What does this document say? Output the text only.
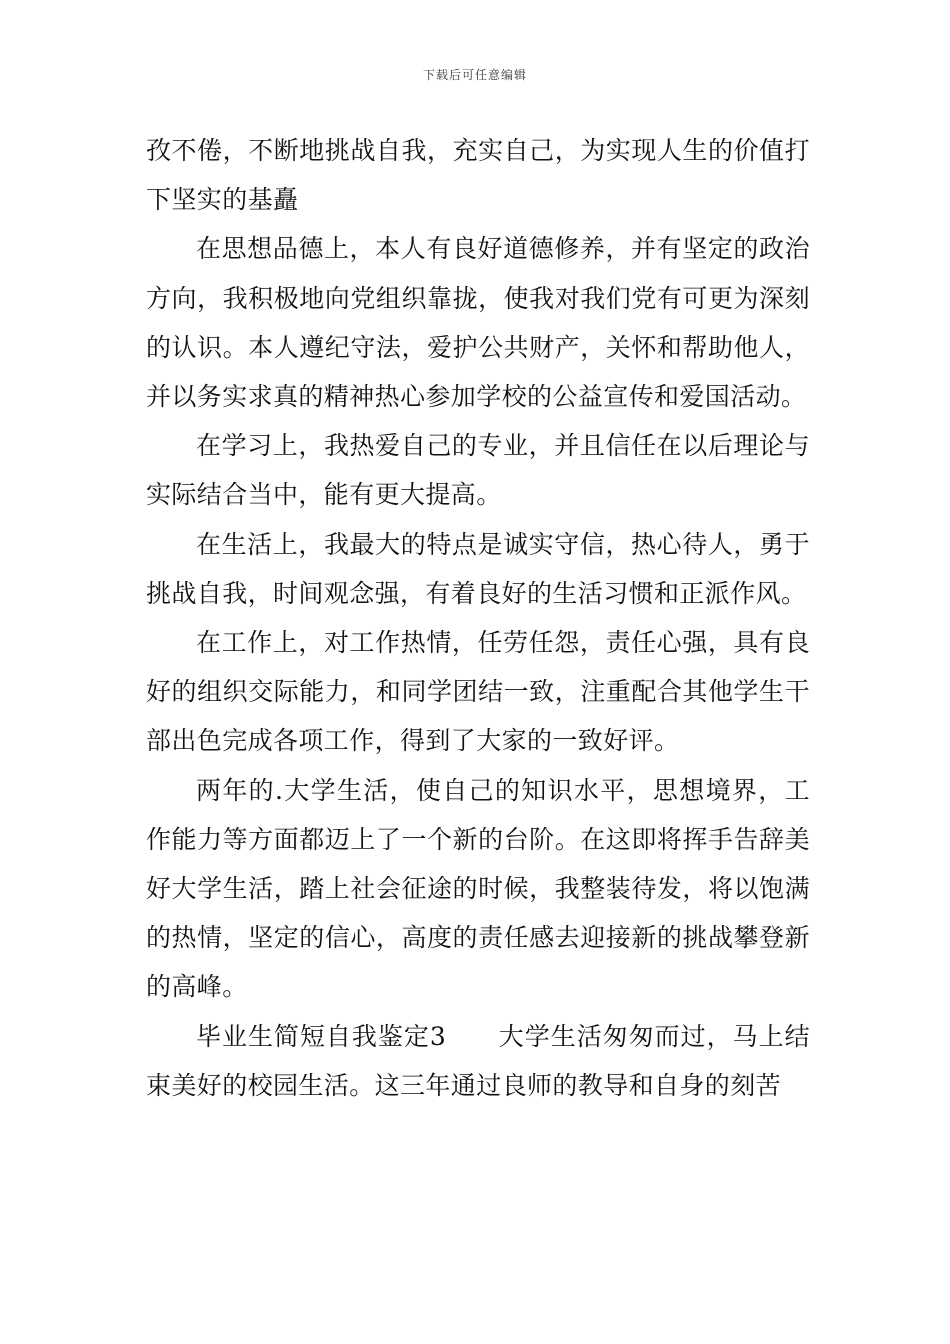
下载后可任意编辑

孜不倦，不断地挑战自我，充实自己，为实现人生的价值打下坚实的基矗

在思想品德上，本人有良好道德修养，并有坚定的政治方向，我积极地向党组织靠拢，使我对我们党有可更为深刻的认识。本人遵纪守法，爱护公共财产，关怀和帮助他人，并以务实求真的精神热心参加学校的公益宣传和爱国活动。

在学习上，我热爱自己的专业，并且信任在以后理论与实际结合当中，能有更大提高。

在生活上，我最大的特点是诚实守信，热心待人，勇于挑战自我，时间观念强，有着良好的生活习惯和正派作风。

在工作上，对工作热情，任劳任怨，责任心强，具有良好的组织交际能力，和同学团结一致，注重配合其他学生干部出色完成各项工作，得到了大家的一致好评。

两年的.大学生活，使自己的知识水平，思想境界，工作能力等方面都迈上了一个新的台阶。在这即将挥手告辞美好大学生活，踏上社会征途的时候，我整装待发，将以饱满的热情，坚定的信心，高度的责任感去迎接新的挑战攀登新的高峰。

毕业生简短自我鉴定3　　大学生活匆匆而过，马上结束美好的校园生活。这三年通过良师的教导和自身的刻苦
